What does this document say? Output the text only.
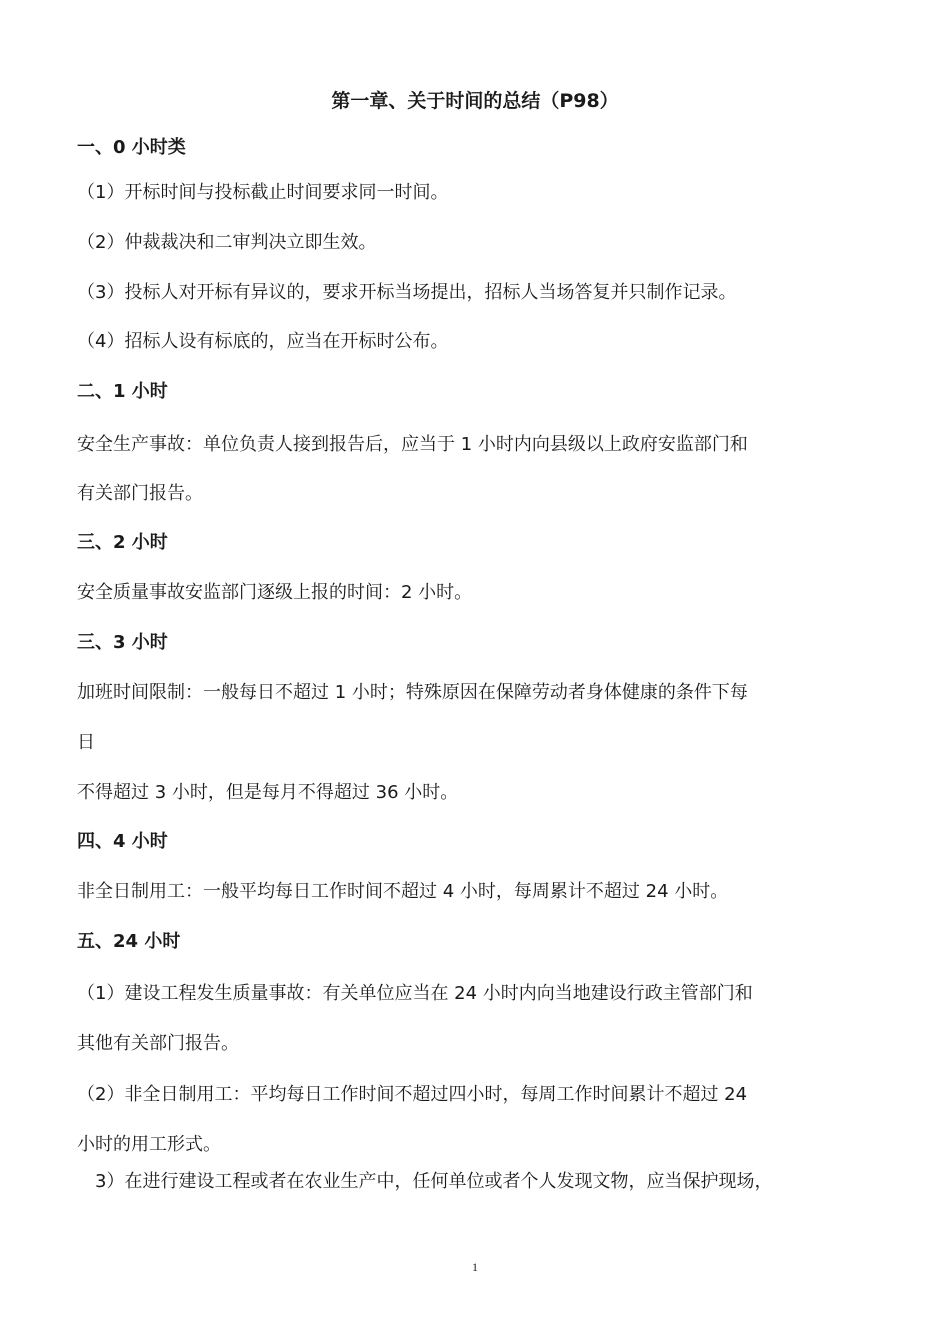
第一章、关于时间的总结（P98）
一、0 小时类
（1）开标时间与投标截止时间要求同一时间。
（2）仲裁裁决和二审判决立即生效。
（3）投标人对开标有异议的，要求开标当场提出，招标人当场答复并只制作记录。
（4）招标人设有标底的，应当在开标时公布。
二、1 小时
安全生产事故：单位负责人接到报告后，应当于 1 小时内向县级以上政府安监部门和
有关部门报告。
三、2 小时
安全质量事故安监部门逐级上报的时间：2 小时。
三、3 小时
加班时间限制：一般每日不超过 1 小时；特殊原因在保障劳动者身体健康的条件下每
日
不得超过 3 小时，但是每月不得超过 36 小时。
四、4 小时
非全日制用工：一般平均每日工作时间不超过 4 小时，每周累计不超过 24 小时。
五、24 小时
（1）建设工程发生质量事故：有关单位应当在 24 小时内向当地建设行政主管部门和
其他有关部门报告。
（2）非全日制用工：平均每日工作时间不超过四小时，每周工作时间累计不超过 24
小时的用工形式。
3）在进行建设工程或者在农业生产中，任何单位或者个人发现文物，应当保护现场，
1
